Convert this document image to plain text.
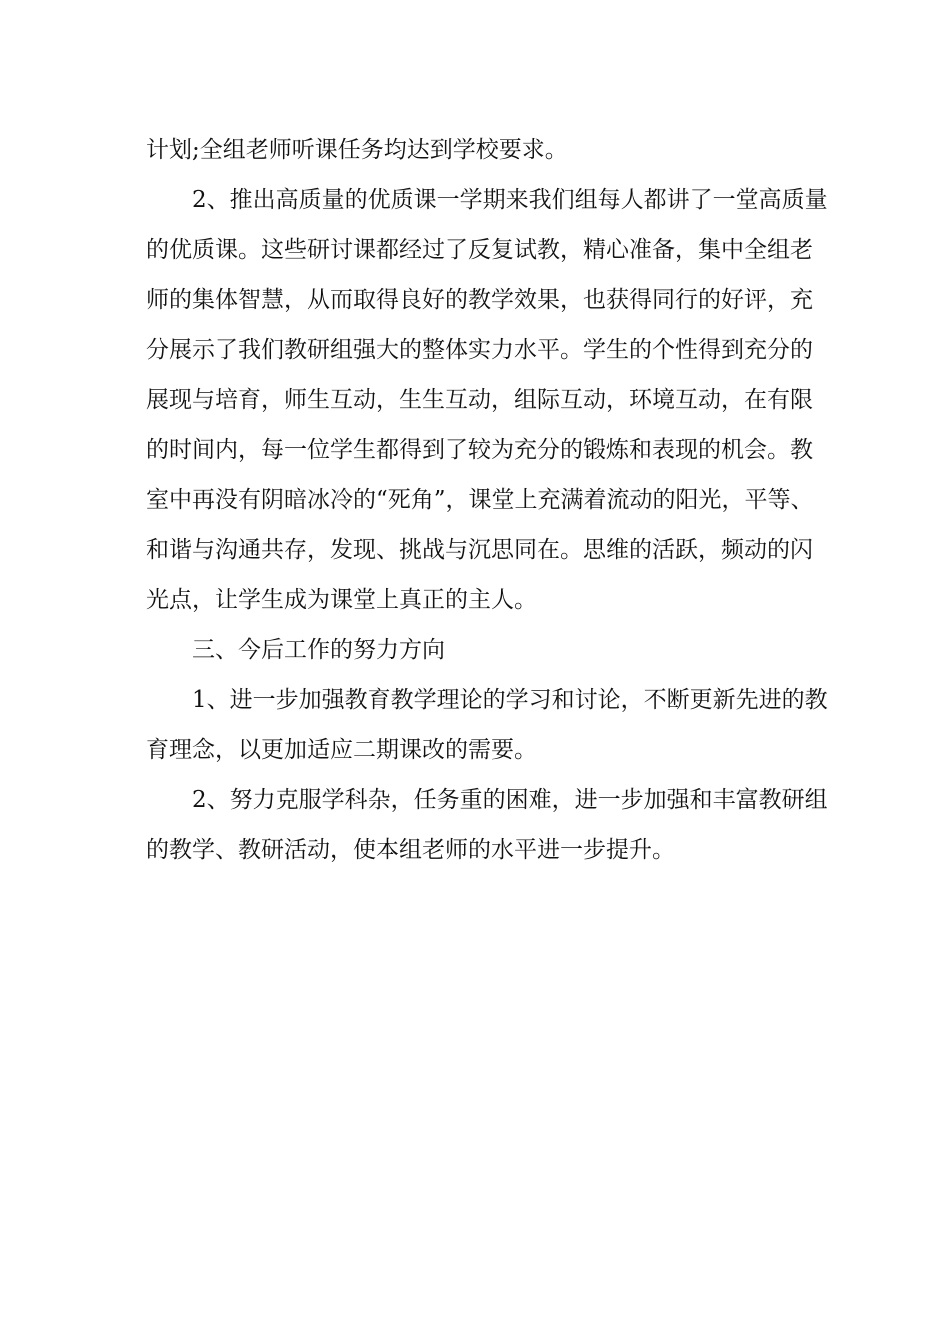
计划;全组老师听课任务均达到学校要求。
2、推出高质量的优质课一学期来我们组每人都讲了一堂高质量
的优质课。这些研讨课都经过了反复试教，精心准备，集中全组老
师的集体智慧，从而取得良好的教学效果，也获得同行的好评，充
分展示了我们教研组强大的整体实力水平。学生的个性得到充分的
展现与培育，师生互动，生生互动，组际互动，环境互动，在有限
的时间内，每一位学生都得到了较为充分的锻炼和表现的机会。教
室中再没有阴暗冰冷的“死角”，课堂上充满着流动的阳光，平等、
和谐与沟通共存，发现、挑战与沉思同在。思维的活跃，频动的闪
光点，让学生成为课堂上真正的主人。
三、今后工作的努力方向
1、进一步加强教育教学理论的学习和讨论，不断更新先进的教
育理念，以更加适应二期课改的需要。
2、努力克服学科杂，任务重的困难，进一步加强和丰富教研组
的教学、教研活动，使本组老师的水平进一步提升。
